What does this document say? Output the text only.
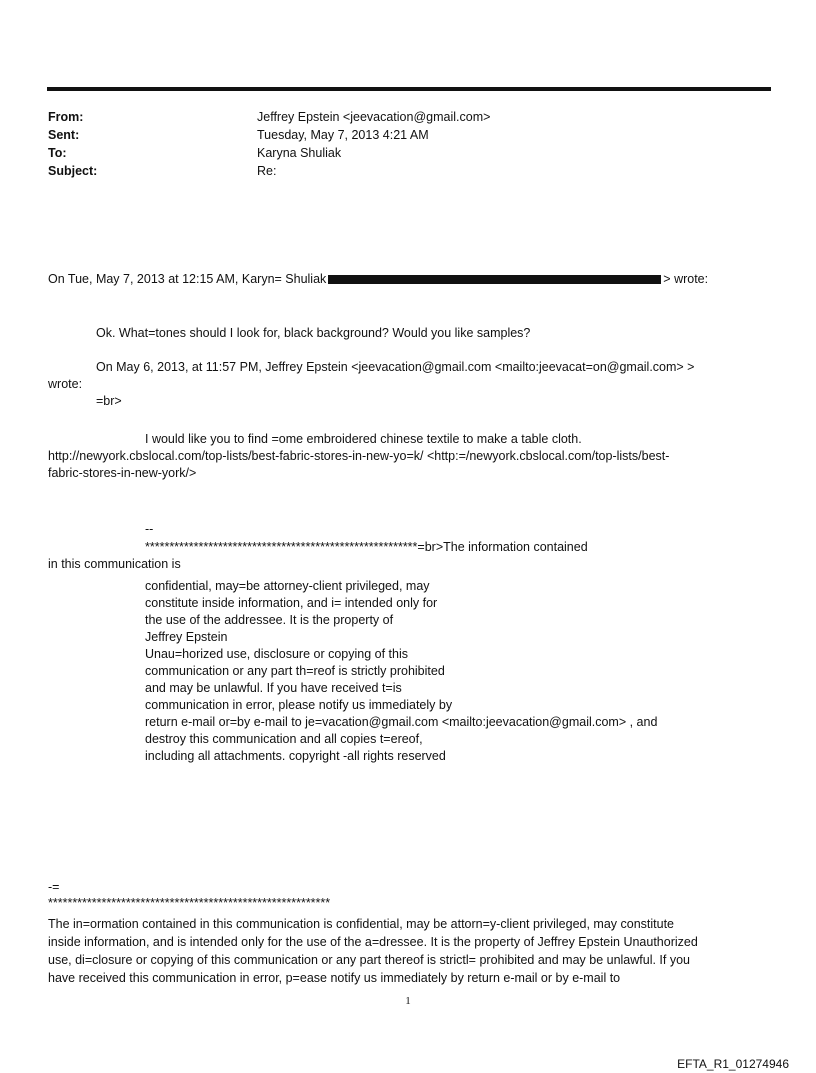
From:
Sent:
To:
Subject:
Jeffrey Epstein <jeevacation@gmail.com>
Tuesday, May 7, 2013 4:21 AM
Karyna Shuliak
Re:
On Tue, May 7, 2013 at 12:15 AM, Karyn= Shuliak	> wrote:
Ok. What=tones should I look for, black background? Would you like samples?
On May 6, 2013, at 11:57 PM, Jeffrey Epstein <jeevacation@gmail.com <mailto:jeevacat=on@gmail.com> >
wrote:
=br>
I would like you to find =ome embroidered chinese textile to make a table cloth.
http://newyork.cbslocal.com/top-lists/best-fabric-stores-in-new-yo=k/ <http:=/newyork.cbslocal.com/top-lists/best-
fabric-stores-in-new-york/>
--
********************************************************=br>The information contained
in this communication is
confidential, may=be attorney-client privileged, may
constitute inside information, and i= intended only for
the use of the addressee. It is the property of
Jeffrey Epstein
Unau=horized use, disclosure or copying of this
communication or any part th=reof is strictly prohibited
and may be unlawful. If you have received t=is
communication in error, please notify us immediately by
return e-mail or=by e-mail to je=vacation@gmail.com <mailto:jeevacation@gmail.com> , and
destroy this communication and all copies t=ereof,
including all attachments. copyright -all rights reserved
-=
**********************************************************
The in=ormation contained in this communication is confidential, may be attorn=y-client privileged, may constitute
inside information, and is intended only for the use of the a=dressee. It is the property of Jeffrey Epstein Unauthorized
use, di=closure or copying of this communication or any part thereof is strictl= prohibited and may be unlawful. If you
have received this communication in error, p=ease notify us immediately by return e-mail or by e-mail to
1
EFTA_R1_01274946
